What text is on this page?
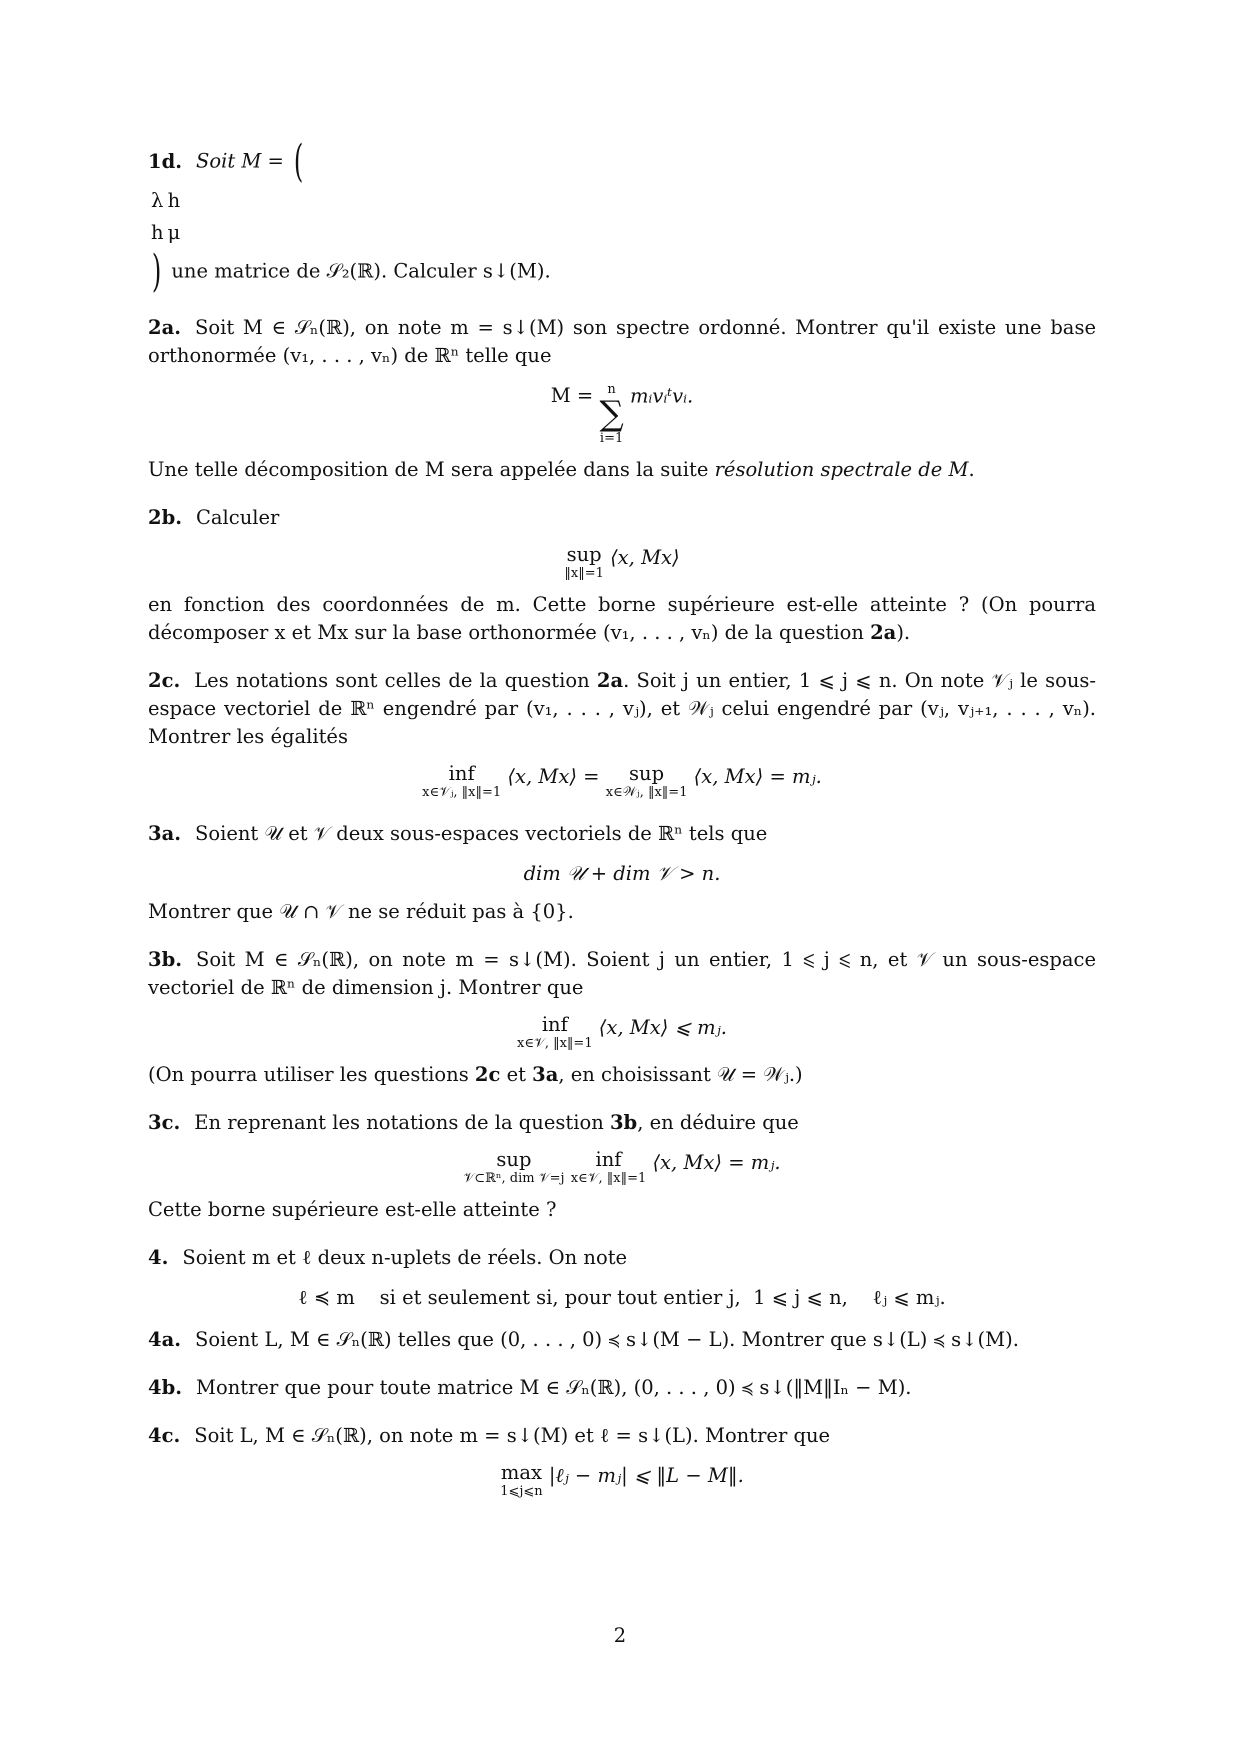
1d. Soit M = (

λ	h
h	μ
) une matrice de 𝒮₂(ℝ). Calculer s↓(M).

2a. Soit M ∈ 𝒮ₙ(ℝ), on note m = s↓(M) son spectre ordonné. Montrer qu'il existe une base orthonormée (v₁, . . . , vₙ) de ℝⁿ telle que

M =	n
∑
i=1
mᵢvᵢᵗvᵢ.

Une telle décomposition de M sera appelée dans la suite résolution spectrale de M.

2b. Calculer

sup
‖x‖=1
⟨x, Mx⟩

en fonction des coordonnées de m. Cette borne supérieure est-elle atteinte ? (On pourra décomposer x et Mx sur la base orthonormée (v₁, . . . , vₙ) de la question 2a).

2c. Les notations sont celles de la question 2a. Soit j un entier, 1 ⩽ j ⩽ n. On note 𝒱ⱼ le sous-espace vectoriel de ℝⁿ engendré par (v₁, . . . , vⱼ), et 𝒲ⱼ celui engendré par (vⱼ, vⱼ₊₁, . . . , vₙ). Montrer les égalités

inf
x∈𝒱ⱼ, ‖x‖=1
⟨x, Mx⟩ = sup
x∈𝒲ⱼ, ‖x‖=1
⟨x, Mx⟩ = mⱼ.

3a. Soient 𝒰 et 𝒱 deux sous-espaces vectoriels de ℝⁿ tels que

dim 𝒰 + dim 𝒱 > n.

Montrer que 𝒰 ∩ 𝒱 ne se réduit pas à {0}.

3b. Soit M ∈ 𝒮ₙ(ℝ), on note m = s↓(M). Soient j un entier, 1 ⩽ j ⩽ n, et 𝒱 un sous-espace vectoriel de ℝⁿ de dimension j. Montrer que

inf
x∈𝒱, ‖x‖=1
⟨x, Mx⟩ ⩽ mⱼ.

(On pourra utiliser les questions 2c et 3a, en choisissant 𝒰 = 𝒲ⱼ.)

3c. En reprenant les notations de la question 3b, en déduire que

sup
𝒱⊂ℝⁿ, dim 𝒱=j
inf
x∈𝒱, ‖x‖=1
⟨x, Mx⟩ = mⱼ.

Cette borne supérieure est-elle atteinte ?

4. Soient m et ℓ deux n-uplets de réels. On note

ℓ ≼ m    si et seulement si, pour tout entier j,  1 ⩽ j ⩽ n,    ℓⱼ ⩽ mⱼ.

4a. Soient L, M ∈ 𝒮ₙ(ℝ) telles que (0, . . . , 0) ≼ s↓(M − L). Montrer que s↓(L) ≼ s↓(M).

4b. Montrer que pour toute matrice M ∈ 𝒮ₙ(ℝ), (0, . . . , 0) ≼ s↓(‖M‖Iₙ − M).

4c. Soit L, M ∈ 𝒮ₙ(ℝ), on note m = s↓(M) et ℓ = s↓(L). Montrer que

max
1⩽j⩽n
|ℓⱼ − mⱼ| ⩽ ‖L − M‖.
2
